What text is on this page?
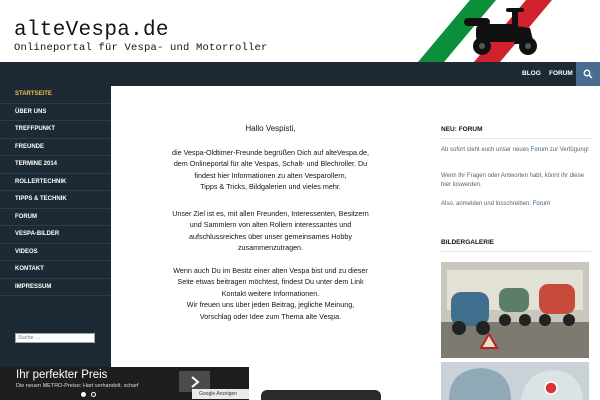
alteVespa.de
Onlineportal für Vespa- und Motorroller
BLOG FORUM
STARTSEITE
ÜBER UNS
TREFFPUNKT
FREUNDE
TERMINE 2014
ROLLERTECHNIK
TIPPS & TECHNIK
FORUM
VESPA-BILDER
VIDEOS
KONTAKT
IMPRESSUM
Suche …
Hallo Vespisti,
die Vespa-Oldtimer-Freunde begrüßen Dich auf alteVespa.de,
dem Onlineportal für alte Vespas, Schalt- und Blechroller. Du
findest hier Informationen zu alten Vesparollern,
Tipps & Tricks, Bildgalerien und vieles mehr.
Unser Ziel ist es, mit allen Freunden, Interessenten, Besitzern
und Sammlern von alten Rollern interessantes und
aufschlussreiches über unser gemeinsames Hobby
zusammenzutragen.
Wenn auch Du im Besitz einer alten Vespa bist und zu dieser
Seite etwas beitragen möchtest, findest Du unter dem Link
Kontakt weitere Informationen.
Wir freuen uns über jeden Beitrag, jegliche Meinung,
Vorschlag oder Idee zum Thema alte Vespa.
NEU: FORUM
Ab sofort steht euch unser neues Forum zur Verfügung!
Wenn Ihr Fragen oder Antworten habt, könnt Ihr diese hier loswerden.
Also, anmelden und losschreiben: Forum
BILDERGALERIE
Ihr perfekter Preis
Die neuen METRO-Preise: Hart verhandelt, scharf
Google Anzeigen
